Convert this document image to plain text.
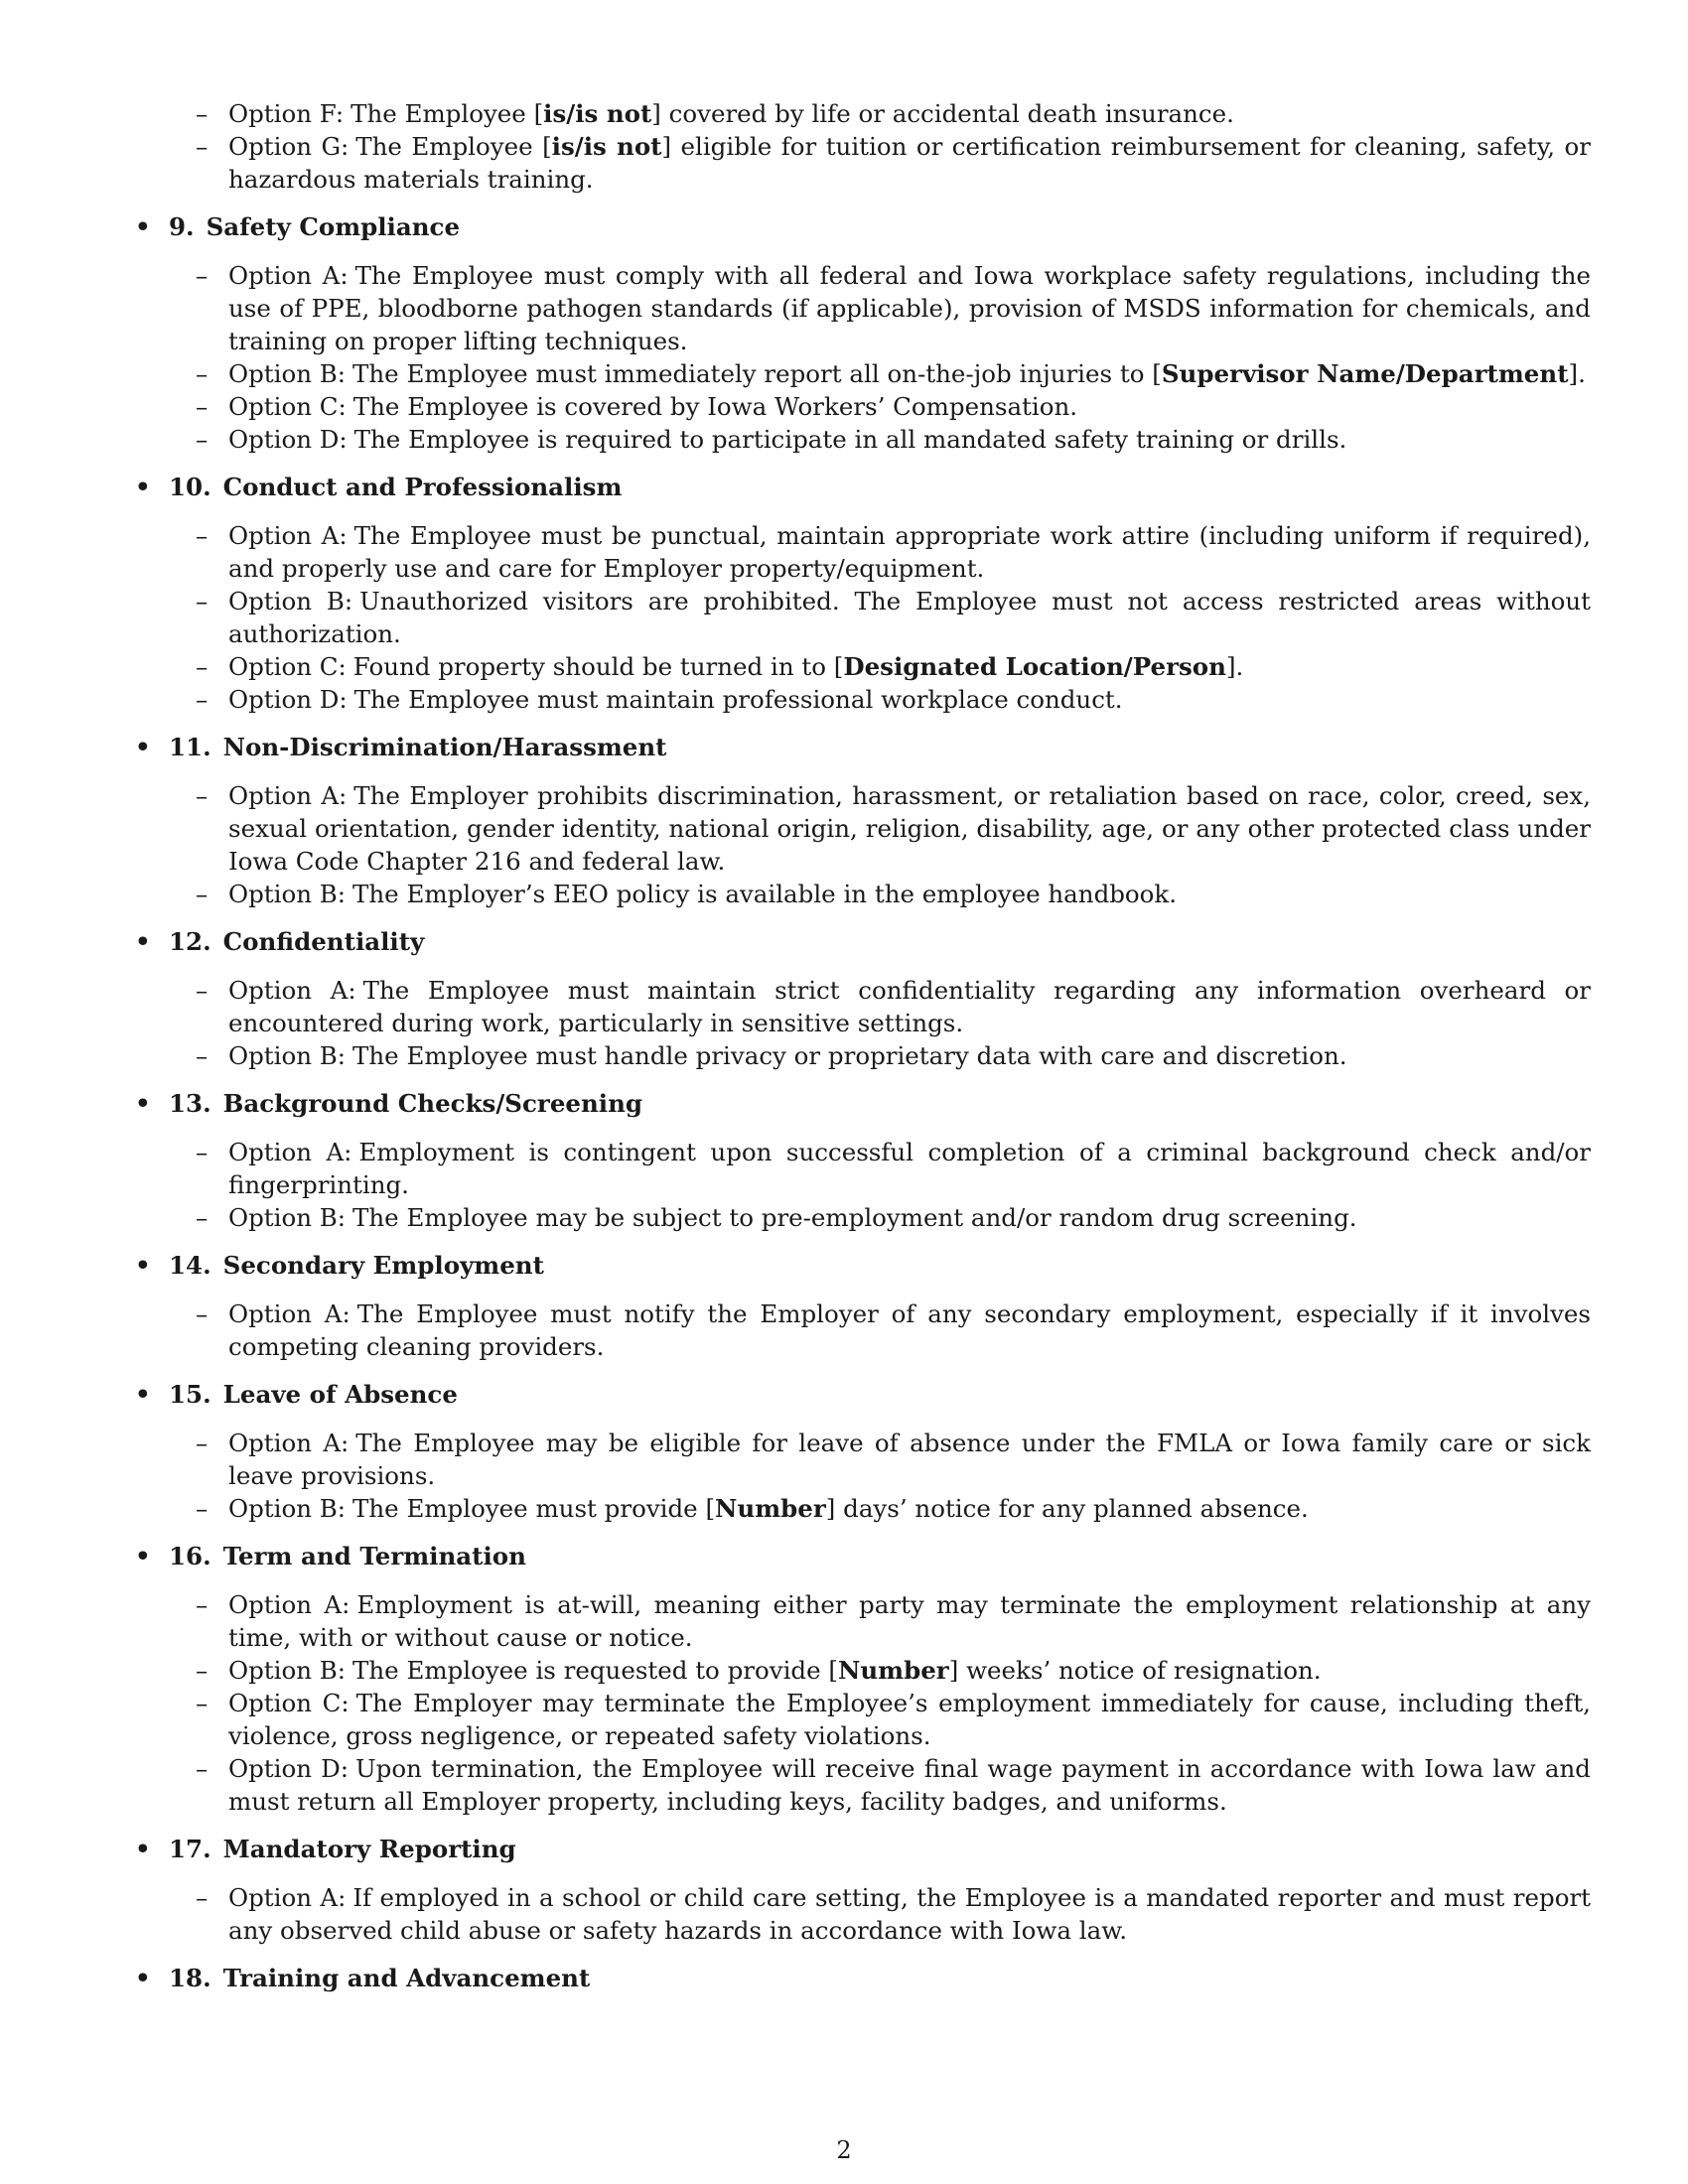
– Option F: The Employee [is/is not] covered by life or accidental death insurance.
– Option G: The Employee [is/is not] eligible for tuition or certification reimbursement for cleaning, safety, or hazardous materials training.
• 9. Safety Compliance
– Option A: The Employee must comply with all federal and Iowa workplace safety regulations, including the use of PPE, bloodborne pathogen standards (if applicable), provision of MSDS information for chemicals, and training on proper lifting techniques.
– Option B: The Employee must immediately report all on-the-job injuries to [Supervisor Name/Department].
– Option C: The Employee is covered by Iowa Workers’ Compensation.
– Option D: The Employee is required to participate in all mandated safety training or drills.
• 10. Conduct and Professionalism
– Option A: The Employee must be punctual, maintain appropriate work attire (including uniform if required), and properly use and care for Employer property/equipment.
– Option B: Unauthorized visitors are prohibited. The Employee must not access restricted areas without authorization.
– Option C: Found property should be turned in to [Designated Location/Person].
– Option D: The Employee must maintain professional workplace conduct.
• 11. Non-Discrimination/Harassment
– Option A: The Employer prohibits discrimination, harassment, or retaliation based on race, color, creed, sex, sexual orientation, gender identity, national origin, religion, disability, age, or any other protected class under Iowa Code Chapter 216 and federal law.
– Option B: The Employer’s EEO policy is available in the employee handbook.
• 12. Confidentiality
– Option A: The Employee must maintain strict confidentiality regarding any information overheard or encountered during work, particularly in sensitive settings.
– Option B: The Employee must handle privacy or proprietary data with care and discretion.
• 13. Background Checks/Screening
– Option A: Employment is contingent upon successful completion of a criminal background check and/or fingerprinting.
– Option B: The Employee may be subject to pre-employment and/or random drug screening.
• 14. Secondary Employment
– Option A: The Employee must notify the Employer of any secondary employment, especially if it involves competing cleaning providers.
• 15. Leave of Absence
– Option A: The Employee may be eligible for leave of absence under the FMLA or Iowa family care or sick leave provisions.
– Option B: The Employee must provide [Number] days’ notice for any planned absence.
• 16. Term and Termination
– Option A: Employment is at-will, meaning either party may terminate the employment relationship at any time, with or without cause or notice.
– Option B: The Employee is requested to provide [Number] weeks’ notice of resignation.
– Option C: The Employer may terminate the Employee’s employment immediately for cause, including theft, violence, gross negligence, or repeated safety violations.
– Option D: Upon termination, the Employee will receive final wage payment in accordance with Iowa law and must return all Employer property, including keys, facility badges, and uniforms.
• 17. Mandatory Reporting
– Option A: If employed in a school or child care setting, the Employee is a mandated reporter and must report any observed child abuse or safety hazards in accordance with Iowa law.
• 18. Training and Advancement
2
